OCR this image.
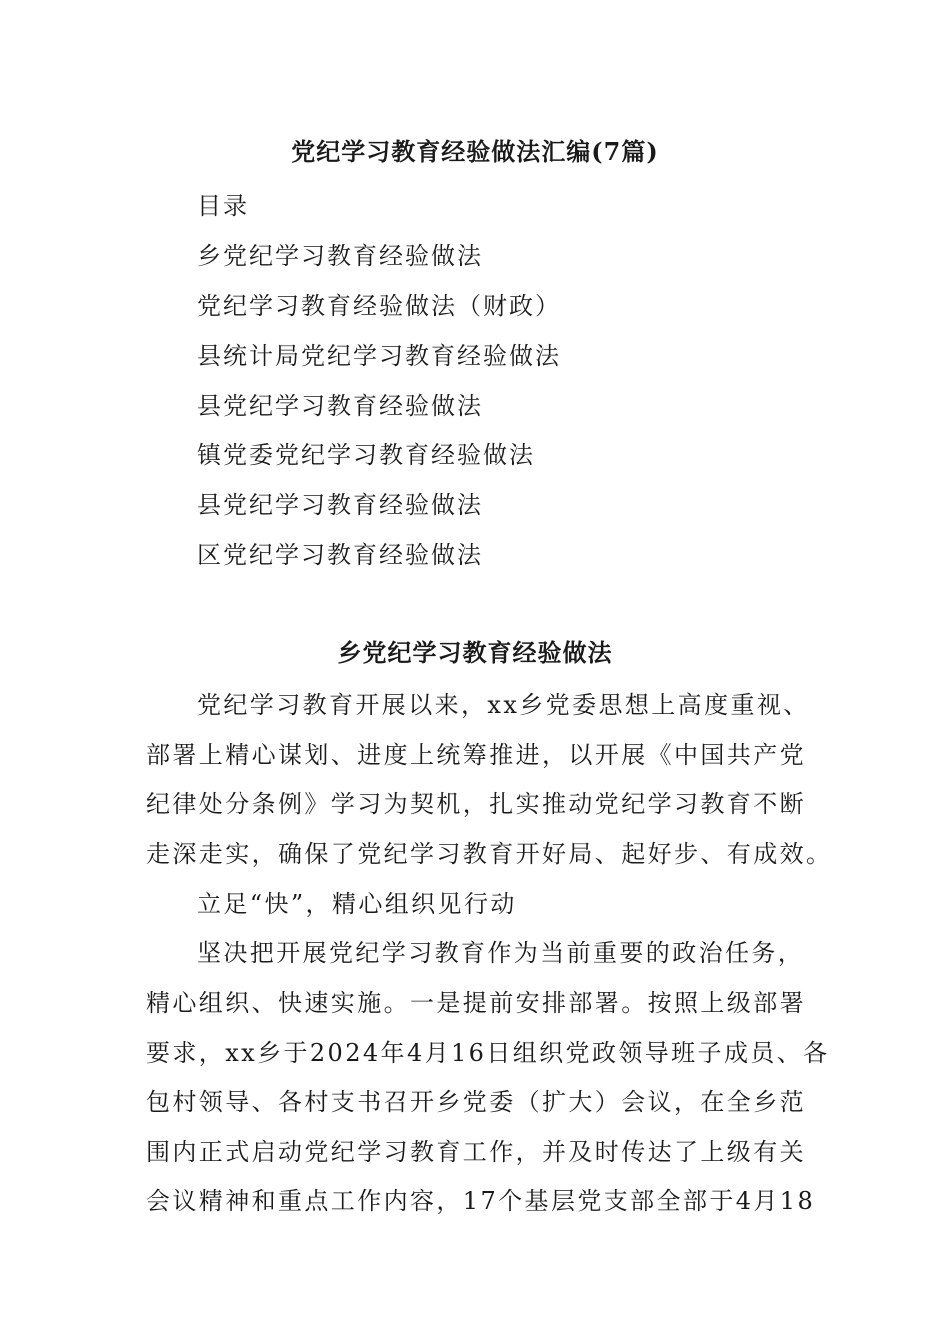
党纪学习教育经验做法汇编(7篇)
目录
乡党纪学习教育经验做法
党纪学习教育经验做法（财政）
县统计局党纪学习教育经验做法
县党纪学习教育经验做法
镇党委党纪学习教育经验做法
县党纪学习教育经验做法
区党纪学习教育经验做法
乡党纪学习教育经验做法
党纪学习教育开展以来，xx乡党委思想上高度重视、
部署上精心谋划、进度上统筹推进，以开展《中国共产党
纪律处分条例》学习为契机，扎实推动党纪学习教育不断
走深走实，确保了党纪学习教育开好局、起好步、有成效。
立足“快”，精心组织见行动
坚决把开展党纪学习教育作为当前重要的政治任务，
精心组织、快速实施。一是提前安排部署。按照上级部署
要求，xx乡于2024年4月16日组织党政领导班子成员、各
包村领导、各村支书召开乡党委（扩大）会议，在全乡范
围内正式启动党纪学习教育工作，并及时传达了上级有关
会议精神和重点工作内容，17个基层党支部全部于4月18
